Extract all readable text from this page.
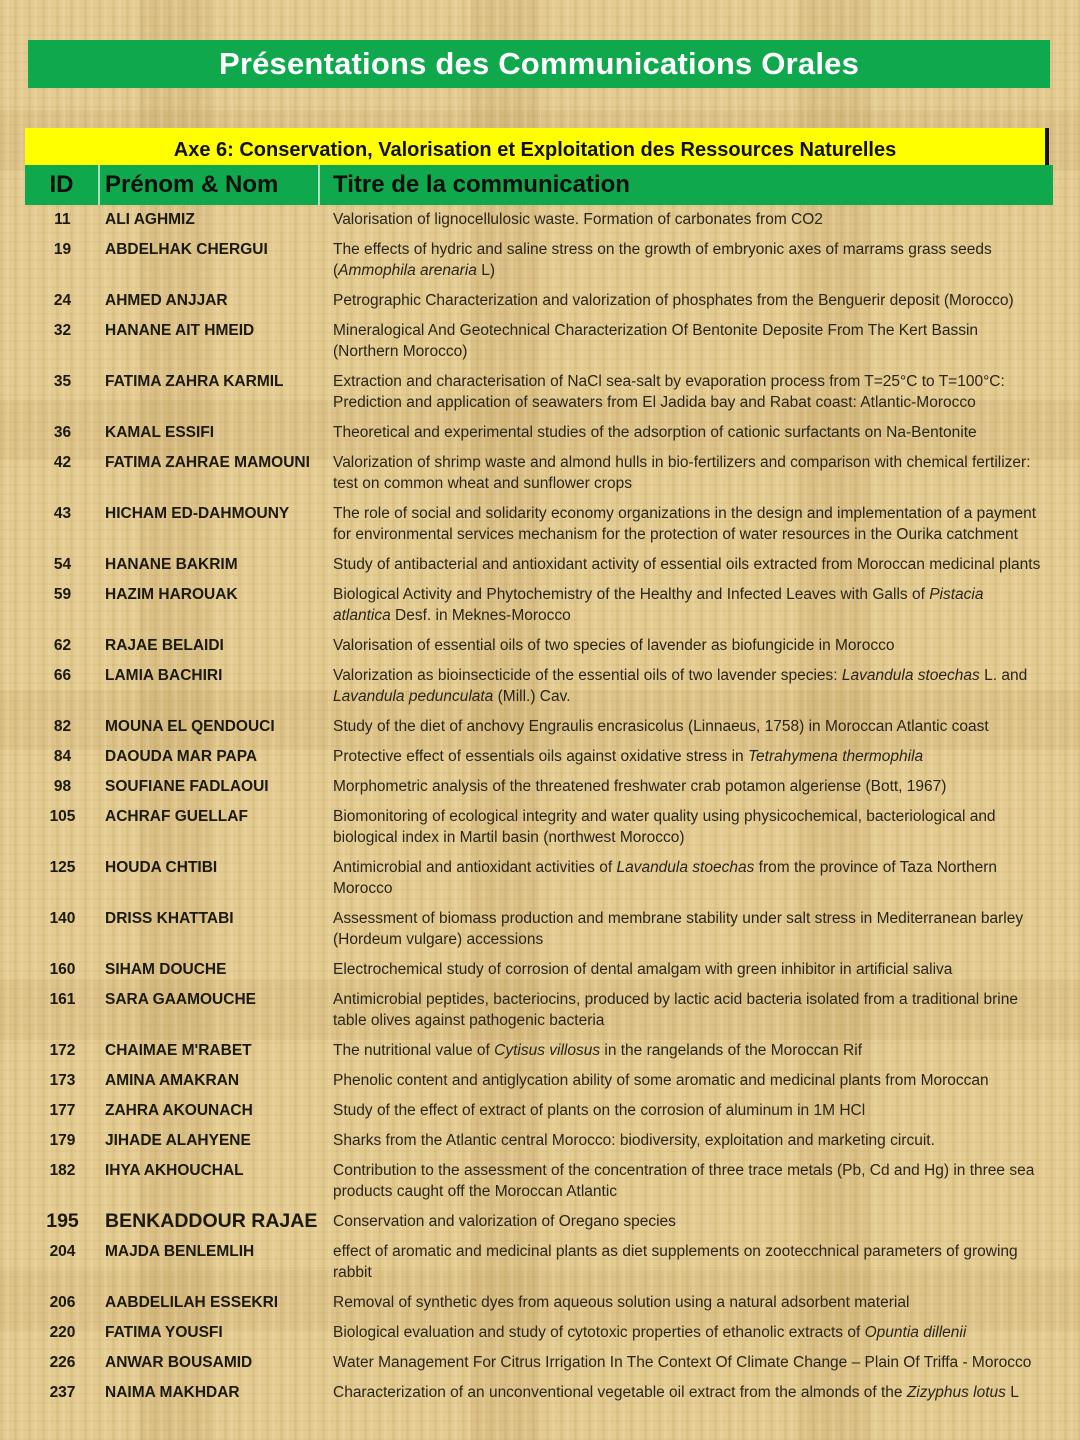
Présentations des Communications Orales
Axe 6: Conservation, Valorisation et Exploitation des Ressources Naturelles
ID	Prénom & Nom	Titre de la communication
11	ALI AGHMIZ	Valorisation of lignocellulosic waste. Formation of carbonates from CO2
19	ABDELHAK CHERGUI	The effects of hydric and saline stress on the growth of embryonic axes of marrams grass seeds (Ammophila arenaria L)
24	AHMED ANJJAR	Petrographic Characterization and valorization of phosphates from the Benguerir deposit (Morocco)
32	HANANE AIT HMEID	Mineralogical And Geotechnical Characterization Of Bentonite Deposite From The Kert Bassin (Northern Morocco)
35	FATIMA ZAHRA KARMIL	Extraction and characterisation of NaCl sea-salt by evaporation process from T=25°C to T=100°C: Prediction and application of seawaters from El Jadida bay and Rabat coast: Atlantic-Morocco
36	KAMAL ESSIFI	Theoretical and experimental studies of the adsorption of cationic surfactants on Na-Bentonite
42	FATIMA ZAHRAE MAMOUNI	Valorization of shrimp waste and almond hulls in bio-fertilizers and comparison with chemical fertilizer: test on common wheat and sunflower crops
43	HICHAM ED-DAHMOUNY	The role of social and solidarity economy organizations in the design and implementation of a payment for environmental services mechanism for the protection of water resources in the Ourika catchment
54	HANANE BAKRIM	Study of antibacterial and antioxidant activity of essential oils extracted from Moroccan medicinal plants
59	HAZIM HAROUAK	Biological Activity and Phytochemistry of the Healthy and Infected Leaves with Galls of Pistacia atlantica Desf. in Meknes-Morocco
62	RAJAE BELAIDI	Valorisation of essential oils of two species of lavender as biofungicide in Morocco
66	LAMIA BACHIRI	Valorization as bioinsecticide of the essential oils of two lavender species: Lavandula stoechas L. and Lavandula pedunculata (Mill.) Cav.
82	MOUNA EL QENDOUCI	Study of the diet of anchovy Engraulis encrasicolus (Linnaeus, 1758) in Moroccan Atlantic coast
84	DAOUDA MAR PAPA	Protective effect of essentials oils against oxidative stress in Tetrahymena thermophila
98	SOUFIANE FADLAOUI	Morphometric analysis of the threatened freshwater crab potamon algeriense (Bott, 1967)
105	ACHRAF GUELLAF	Biomonitoring of ecological integrity and water quality using physicochemical, bacteriological and biological index in Martil basin (northwest Morocco)
125	HOUDA CHTIBI	Antimicrobial and antioxidant activities of Lavandula stoechas from the province of Taza Northern Morocco
140	DRISS KHATTABI	Assessment of biomass production and membrane stability under salt stress in Mediterranean barley (Hordeum vulgare) accessions
160	SIHAM DOUCHE	Electrochemical study of corrosion of dental amalgam with green inhibitor in artificial saliva
161	SARA GAAMOUCHE	Antimicrobial peptides, bacteriocins, produced by lactic acid bacteria isolated from a traditional brine table olives against pathogenic bacteria
172	CHAIMAE M'RABET	The nutritional value of Cytisus villosus in the rangelands of the Moroccan Rif
173	AMINA AMAKRAN	Phenolic content and antiglycation ability of some aromatic and medicinal plants from Moroccan
177	ZAHRA AKOUNACH	Study of the effect of extract of plants on the corrosion of aluminum in 1M HCl
179	JIHADE ALAHYENE	Sharks from the Atlantic central Morocco: biodiversity, exploitation and marketing circuit.
182	IHYA AKHOUCHAL	Contribution to the assessment of the concentration of three trace metals (Pb, Cd and Hg) in three sea products caught off the Moroccan Atlantic
195	BENKADDOUR RAJAE	Conservation and valorization of Oregano species
204	MAJDA BENLEMLIH	effect of aromatic and medicinal plants as diet supplements on zootecchnical parameters of growing rabbit
206	AABDELILAH ESSEKRI	Removal of synthetic dyes from aqueous solution using a natural adsorbent material
220	FATIMA YOUSFI	Biological evaluation and study of cytotoxic properties of ethanolic extracts of Opuntia dillenii
226	ANWAR BOUSAMID	Water Management For Citrus Irrigation In The Context Of Climate Change – Plain Of Triffa - Morocco
237	NAIMA MAKHDAR	Characterization of an unconventional vegetable oil extract from the almonds of the Zizyphus lotus L
